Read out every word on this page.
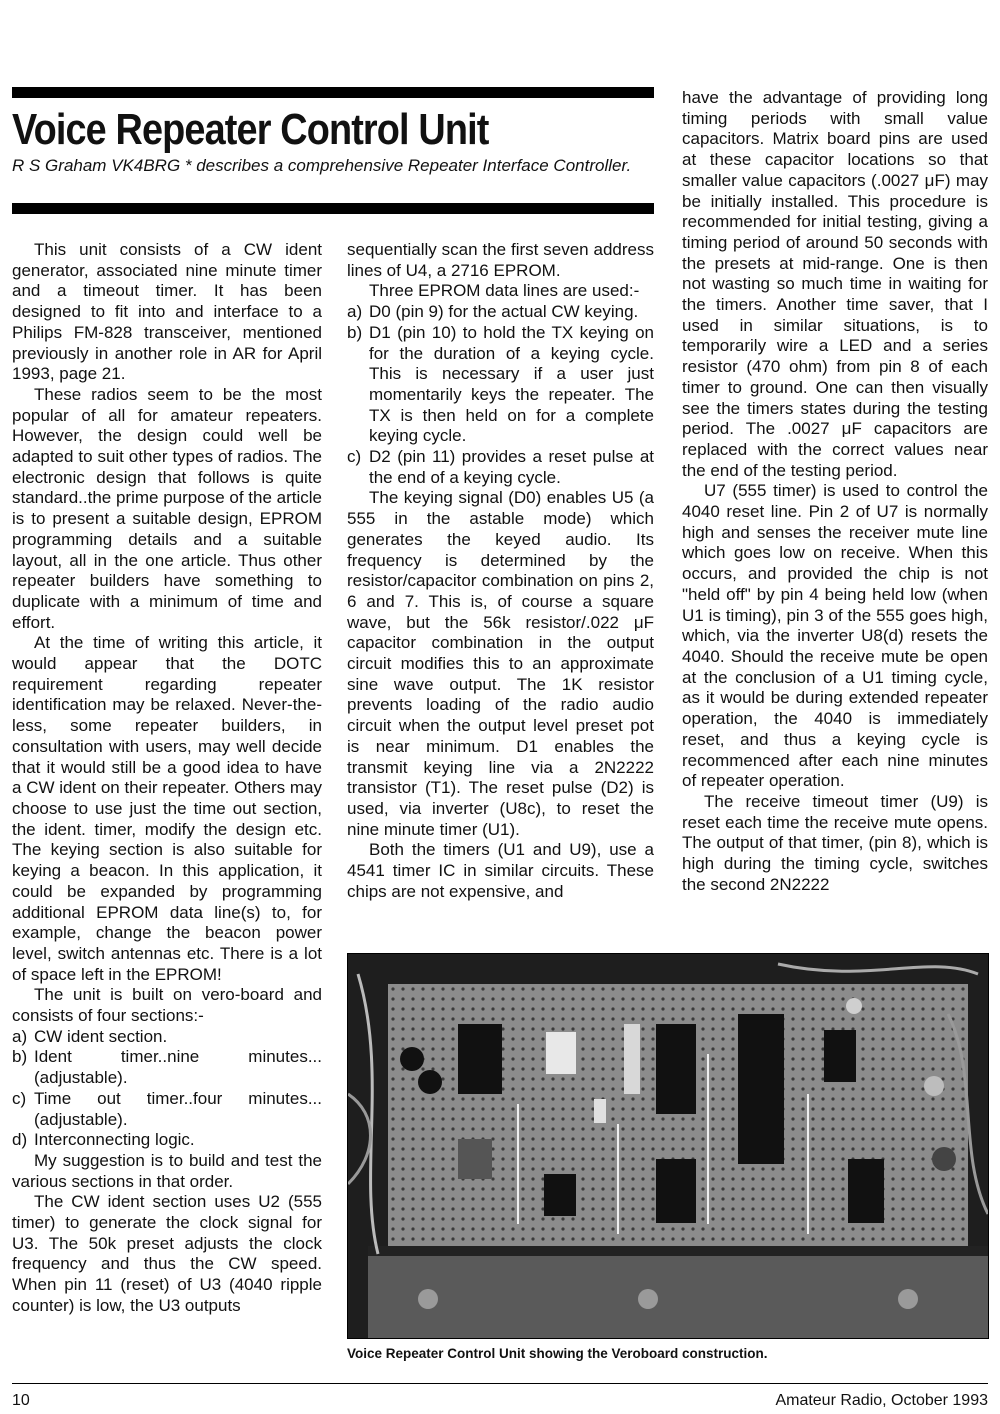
Voice Repeater Control Unit

R S Graham VK4BRG * describes a comprehensive Repeater Interface Controller.

This unit consists of a CW ident generator, associated nine minute timer and a timeout timer. It has been designed to fit into and interface to a Philips FM-828 transceiver, mentioned previously in another role in AR for April 1993, page 21.

These radios seem to be the most popular of all for amateur repeaters. However, the design could well be adapted to suit other types of radios. The electronic design that follows is quite standard..the prime purpose of the article is to present a suitable design, EPROM programming details and a suitable layout, all in the one article. Thus other repeater builders have something to duplicate with a minimum of time and effort.

At the time of writing this article, it would appear that the DOTC requirement regarding repeater identification may be relaxed. Never-the-less, some repeater builders, in consultation with users, may well decide that it would still be a good idea to have a CW ident on their repeater. Others may choose to use just the time out section, the ident. timer, modify the design etc. The keying section is also suitable for keying a beacon. In this application, it could be expanded by programming additional EPROM data line(s) to, for example, change the beacon power level, switch antennas etc. There is a lot of space left in the EPROM!

The unit is built on vero-board and consists of four sections:-

a) CW ident section.
b) Ident timer..nine minutes... (adjustable).
c) Time out timer..four minutes... (adjustable).
d) Interconnecting logic.

My suggestion is to build and test the various sections in that order.

The CW ident section uses U2 (555 timer) to generate the clock signal for U3. The 50k preset adjusts the clock frequency and thus the CW speed. When pin 11 (reset) of U3 (4040 ripple counter) is low, the U3 outputs

sequentially scan the first seven address lines of U4, a 2716 EPROM.

Three EPROM data lines are used:-

a) D0 (pin 9) for the actual CW keying.
b) D1 (pin 10) to hold the TX keying on for the duration of a keying cycle. This is necessary if a user just momentarily keys the repeater. The TX is then held on for a complete keying cycle.
c) D2 (pin 11) provides a reset pulse at the end of a keying cycle.

The keying signal (D0) enables U5 (a 555 in the astable mode) which generates the keyed audio. Its frequency is determined by the resistor/capacitor combination on pins 2, 6 and 7. This is, of course a square wave, but the 56k resistor/.022 μF capacitor combination in the output circuit modifies this to an approximate sine wave output. The 1K resistor prevents loading of the radio audio circuit when the output level preset pot is near minimum. D1 enables the transmit keying line via a 2N2222 transistor (T1). The reset pulse (D2) is used, via inverter (U8c), to reset the nine minute timer (U1).

Both the timers (U1 and U9), use a 4541 timer IC in similar circuits. These chips are not expensive, and

have the advantage of providing long timing periods with small value capacitors. Matrix board pins are used at these capacitor locations so that smaller value capacitors (.0027 μF) may be initially installed. This procedure is recommended for initial testing, giving a timing period of around 50 seconds with the presets at mid-range. One is then not wasting so much time in waiting for the timers. Another time saver, that I used in similar situations, is to temporarily wire a LED and a series resistor (470 ohm) from pin 8 of each timer to ground. One can then visually see the timers states during the testing period. The .0027 μF capacitors are replaced with the correct values near the end of the testing period.

U7 (555 timer) is used to control the 4040 reset line. Pin 2 of U7 is normally high and senses the receiver mute line which goes low on receive. When this occurs, and provided the chip is not "held off" by pin 4 being held low (when U1 is timing), pin 3 of the 555 goes high, which, via the inverter U8(d) resets the 4040. Should the receive mute be open at the conclusion of a U1 timing cycle, as it would be during extended repeater operation, the 4040 is immediately reset, and thus a keying cycle is recommenced after each nine minutes of repeater operation.

The receive timeout timer (U9) is reset each time the receive mute opens. The output of that timer, (pin 8), which is high during the timing cycle, switches the second 2N2222

Voice Repeater Control Unit showing the Veroboard construction.

10	Amateur Radio, October 1993
